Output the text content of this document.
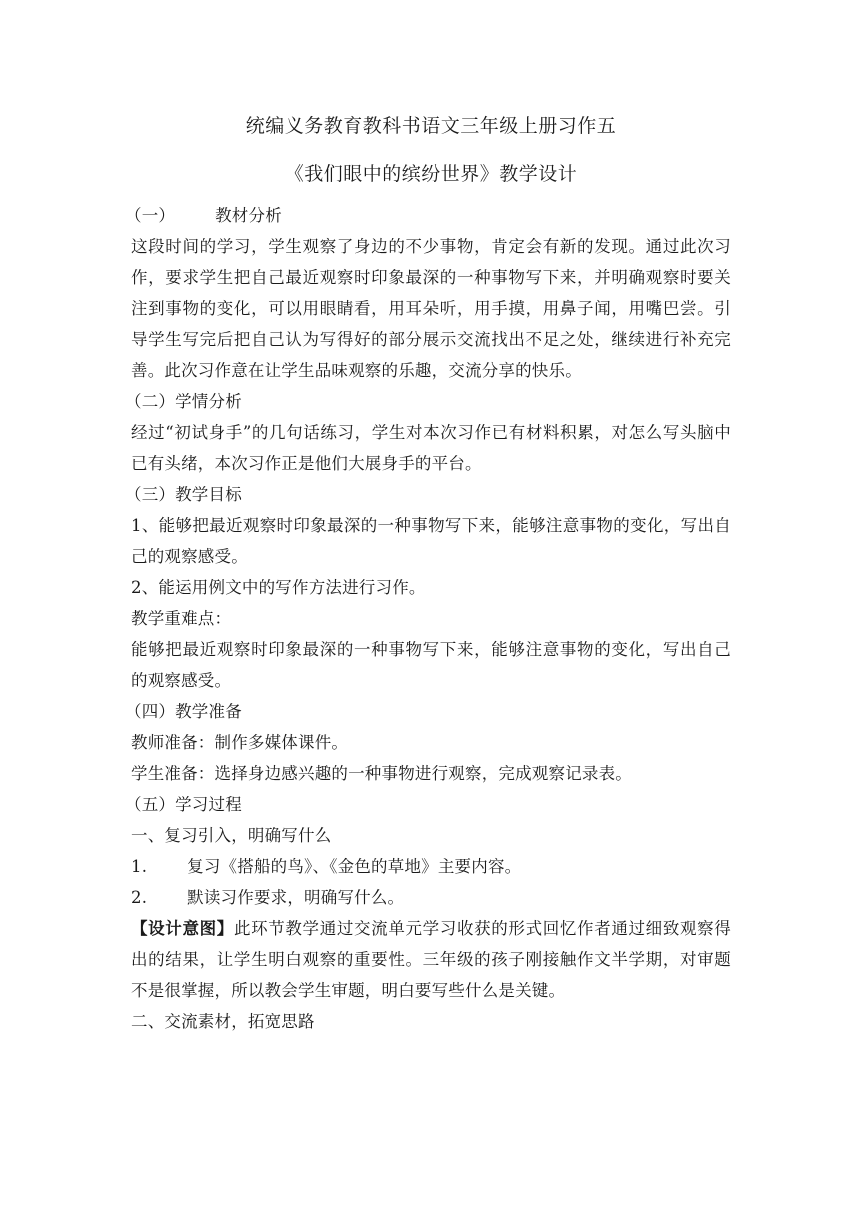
统编义务教育教科书语文三年级上册习作五
《我们眼中的缤纷世界》教学设计

（一） 教材分析

这段时间的学习，学生观察了身边的不少事物，肯定会有新的发现。通过此次习作，要求学生把自己最近观察时印象最深的一种事物写下来，并明确观察时要关注到事物的变化，可以用眼睛看，用耳朵听，用手摸，用鼻子闻，用嘴巴尝。引导学生写完后把自己认为写得好的部分展示交流找出不足之处，继续进行补充完善。此次习作意在让学生品味观察的乐趣，交流分享的快乐。

（二）学情分析

经过“初试身手”的几句话练习，学生对本次习作已有材料积累，对怎么写头脑中已有头绪，本次习作正是他们大展身手的平台。

（三）教学目标

1、能够把最近观察时印象最深的一种事物写下来，能够注意事物的变化，写出自己的观察感受。

2、能运用例文中的写作方法进行习作。

教学重难点：

能够把最近观察时印象最深的一种事物写下来，能够注意事物的变化，写出自己的观察感受。

（四）教学准备

教师准备：制作多媒体课件。

学生准备：选择身边感兴趣的一种事物进行观察，完成观察记录表。

（五）学习过程

一、复习引入，明确写什么

1. 复习《搭船的鸟》、《金色的草地》主要内容。

2. 默读习作要求，明确写什么。

【设计意图】此环节教学通过交流单元学习收获的形式回忆作者通过细致观察得出的结果，让学生明白观察的重要性。三年级的孩子刚接触作文半学期，对审题不是很掌握，所以教会学生审题，明白要写些什么是关键。

二、交流素材，拓宽思路
